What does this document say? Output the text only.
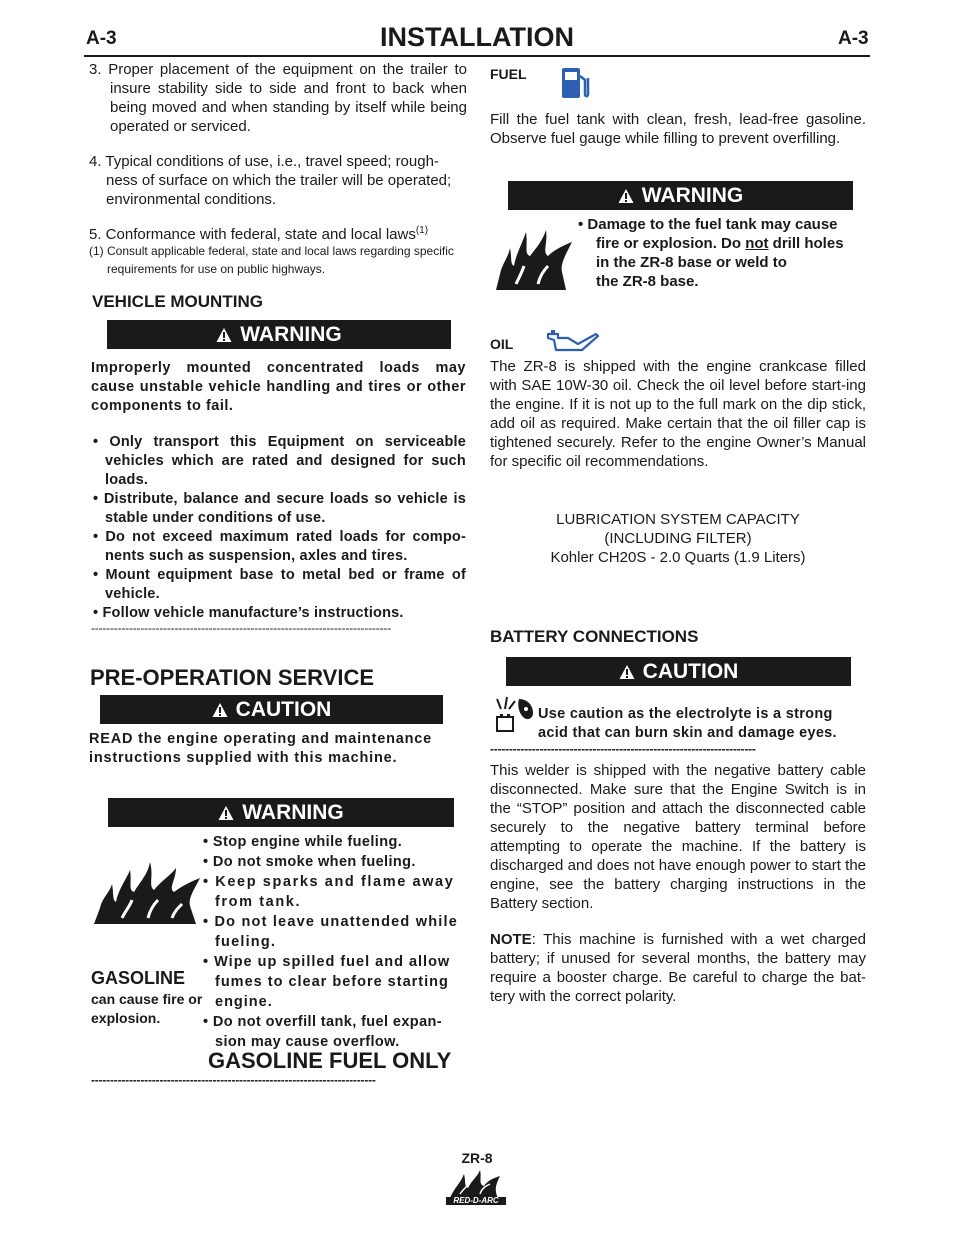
A-3	INSTALLATION	A-3
3. Proper placement of the equipment on the trailer to insure stability side to side and front to back when being moved and when standing by itself while being operated or serviced.
4. Typical conditions of use, i.e., travel speed; rough-ness of surface on which the trailer will be operated; environmental conditions.
5. Conformance with federal, state and local laws$^{(1)}$
(1) Consult applicable federal, state and local laws regarding specific requirements for use on public highways.
VEHICLE MOUNTING
WARNING
Improperly mounted concentrated loads may cause unstable vehicle handling and tires or other components to fail.
• Only transport this Equipment on serviceable vehicles which are rated and designed for such loads.
• Distribute, balance and secure loads so vehicle is stable under conditions of use.
• Do not exceed maximum rated loads for compo-nents such as suspension, axles and tires.
• Mount equipment base to metal bed or frame of vehicle.
• Follow vehicle manufacture’s instructions.
-------------------------------------------------------------------------------
PRE-OPERATION SERVICE
CAUTION
READ the engine operating and maintenance instructions supplied with this machine.
WARNING
GASOLINE
can cause fire or explosion.
• Stop engine while fueling.
• Do not smoke when fueling.
• Keep sparks and flame away from tank.
• Do not leave unattended while fueling.
• Wipe up spilled fuel and allow fumes to clear before starting engine.
• Do not overfill tank, fuel expan-sion may cause overflow.
GASOLINE FUEL ONLY
---------------------------------------------------------------------------
FUEL
Fill the fuel tank with clean, fresh, lead-free gasoline. Observe fuel gauge while filling to prevent overfilling.
WARNING
• Damage to the fuel tank may cause
fire or explosion. Do not drill holes
in the ZR-8 base or weld to
the ZR-8 base.
OIL
The ZR-8 is shipped with the engine crankcase filled with SAE 10W-30 oil. Check the oil level before start-ing the engine. If it is not up to the full mark on the dip stick, add oil as required. Make certain that the oil filler cap is tightened securely. Refer to the engine Owner’s Manual for specific oil recommendations.
LUBRICATION SYSTEM CAPACITY
(INCLUDING FILTER)
Kohler CH20S - 2.0 Quarts (1.9 Liters)
BATTERY CONNECTIONS
CAUTION
Use caution as the electrolyte is a strong acid that can burn skin and damage eyes.
----------------------------------------------------------------------
This welder is shipped with the negative battery cable disconnected. Make sure that the Engine Switch is in the “STOP” position and attach the disconnected cable securely to the negative battery terminal before attempting to operate the machine. If the battery is discharged and does not have enough power to start the engine, see the battery charging instructions in the Battery section.
NOTE: This machine is furnished with a wet charged battery; if unused for several months, the battery may require a booster charge. Be careful to charge the bat-tery with the correct polarity.
ZR-8
RED-D-ARC
